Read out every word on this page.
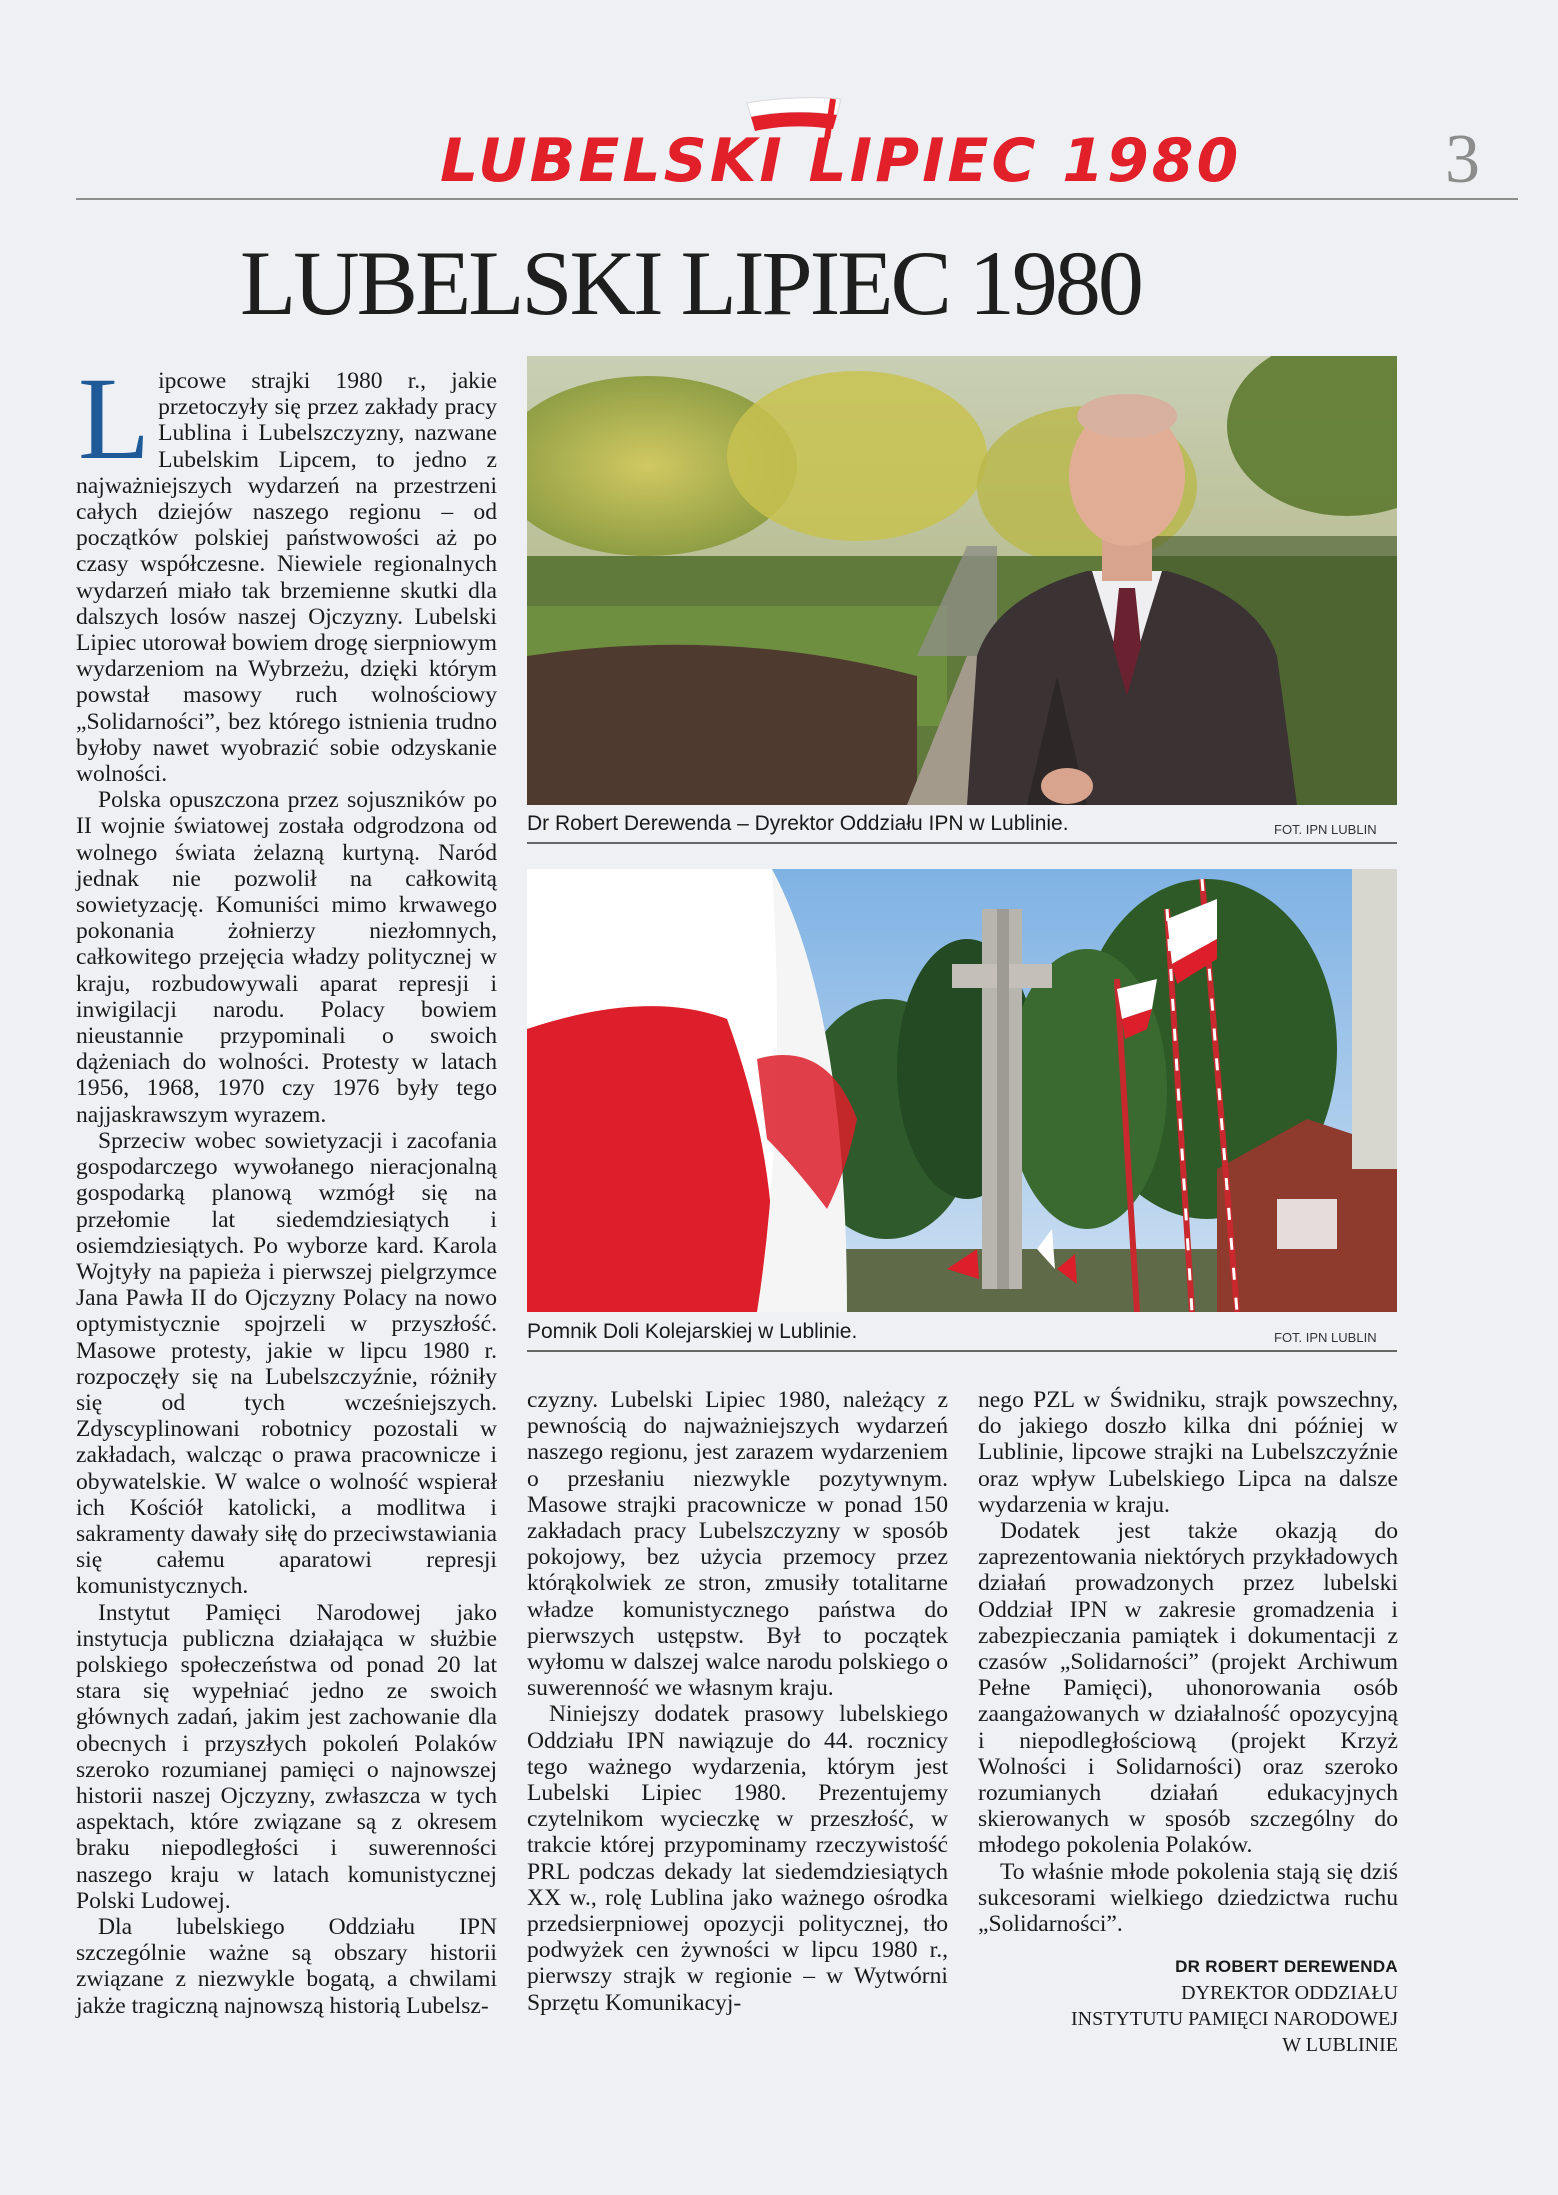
LUBELSKI LIPIEC 1980	3
LUBELSKI LIPIEC 1980

Lipcowe strajki 1980 r., jakie przetoczyły się przez zakłady pracy Lublina i Lubelszczyzny, nazwane Lubelskim Lipcem, to jedno z najważniejszych wydarzeń na przestrzeni całych dziejów naszego regionu – od początków polskiej państwowości aż po czasy współczesne. Niewiele regionalnych wydarzeń miało tak brzemienne skutki dla dalszych losów naszej Ojczyzny. Lubelski Lipiec utorował bowiem drogę sierpniowym wydarzeniom na Wybrzeżu, dzięki którym powstał masowy ruch wolnościowy „Solidarności”, bez którego istnienia trudno byłoby nawet wyobrazić sobie odzyskanie wolności.

Polska opuszczona przez sojuszników po II wojnie światowej została odgrodzona od wolnego świata żelazną kurtyną. Naród jednak nie pozwolił na całkowitą sowietyzację. Komuniści mimo krwawego pokonania żołnierzy niezłomnych, całkowitego przejęcia władzy politycznej w kraju, rozbudowywali aparat represji i inwigilacji narodu. Polacy bowiem nieustannie przypominali o swoich dążeniach do wolności. Protesty w latach 1956, 1968, 1970 czy 1976 były tego najjaskrawszym wyrazem.

Sprzeciw wobec sowietyzacji i zacofania gospodarczego wywołanego nieracjonalną gospodarką planową wzmógł się na przełomie lat siedemdziesiątych i osiemdziesiątych. Po wyborze kard. Karola Wojtyły na papieża i pierwszej pielgrzymce Jana Pawła II do Ojczyzny Polacy na nowo optymistycznie spojrzeli w przyszłość. Masowe protesty, jakie w lipcu 1980 r. rozpoczęły się na Lubelszczyźnie, różniły się od tych wcześniejszych. Zdyscyplinowani robotnicy pozostali w zakładach, walcząc o prawa pracownicze i obywatelskie. W walce o wolność wspierał ich Kościół katolicki, a modlitwa i sakramenty dawały siłę do przeciwstawiania się całemu aparatowi represji komunistycznych.

Instytut Pamięci Narodowej jako instytucja publiczna działająca w służbie polskiego społeczeństwa od ponad 20 lat stara się wypełniać jedno ze swoich głównych zadań, jakim jest zachowanie dla obecnych i przyszłych pokoleń Polaków szeroko rozumianej pamięci o najnowszej historii naszej Ojczyzny, zwłaszcza w tych aspektach, które związane są z okresem braku niepodległości i suwerenności naszego kraju w latach komunistycznej Polski Ludowej.

Dla lubelskiego Oddziału IPN szczególnie ważne są obszary historii związane z niezwykle bogatą, a chwilami jakże tragiczną najnowszą historią Lubelsz-

Dr Robert Derewenda – Dyrektor Oddziału IPN w Lublinie.	FOT. IPN LUBLIN
Pomnik Doli Kolejarskiej w Lublinie.	FOT. IPN LUBLIN

czyzny. Lubelski Lipiec 1980, należący z pewnością do najważniejszych wydarzeń naszego regionu, jest zarazem wydarzeniem o przesłaniu niezwykle pozytywnym. Masowe strajki pracownicze w ponad 150 zakładach pracy Lubelszczyzny w sposób pokojowy, bez użycia przemocy przez którąkolwiek ze stron, zmusiły totalitarne władze komunistycznego państwa do pierwszych ustępstw. Był to początek wyłomu w dalszej walce narodu polskiego o suwerenność we własnym kraju.

Niniejszy dodatek prasowy lubelskiego Oddziału IPN nawiązuje do 44. rocznicy tego ważnego wydarzenia, którym jest Lubelski Lipiec 1980. Prezentujemy czytelnikom wycieczkę w przeszłość, w trakcie której przypominamy rzeczywistość PRL podczas dekady lat siedemdziesiątych XX w., rolę Lublina jako ważnego ośrodka przedsierpniowej opozycji politycznej, tło podwyżek cen żywności w lipcu 1980 r., pierwszy strajk w regionie – w Wytwórni Sprzętu Komunikacyj-

nego PZL w Świdniku, strajk powszechny, do jakiego doszło kilka dni później w Lublinie, lipcowe strajki na Lubelszczyźnie oraz wpływ Lubelskiego Lipca na dalsze wydarzenia w kraju.

Dodatek jest także okazją do zaprezentowania niektórych przykładowych działań prowadzonych przez lubelski Oddział IPN w zakresie gromadzenia i zabezpieczania pamiątek i dokumentacji z czasów „Solidarności” (projekt Archiwum Pełne Pamięci), uhonorowania osób zaangażowanych w działalność opozycyjną i niepodległościową (projekt Krzyż Wolności i Solidarności) oraz szeroko rozumianych działań edukacyjnych skierowanych w sposób szczególny do młodego pokolenia Polaków.

To właśnie młode pokolenia stają się dziś sukcesorami wielkiego dziedzictwa ruchu „Solidarności”.

DR ROBERT DEREWENDA
DYREKTOR ODDZIAŁU
INSTYTUTU PAMIĘCI NARODOWEJ
W LUBLINIE
